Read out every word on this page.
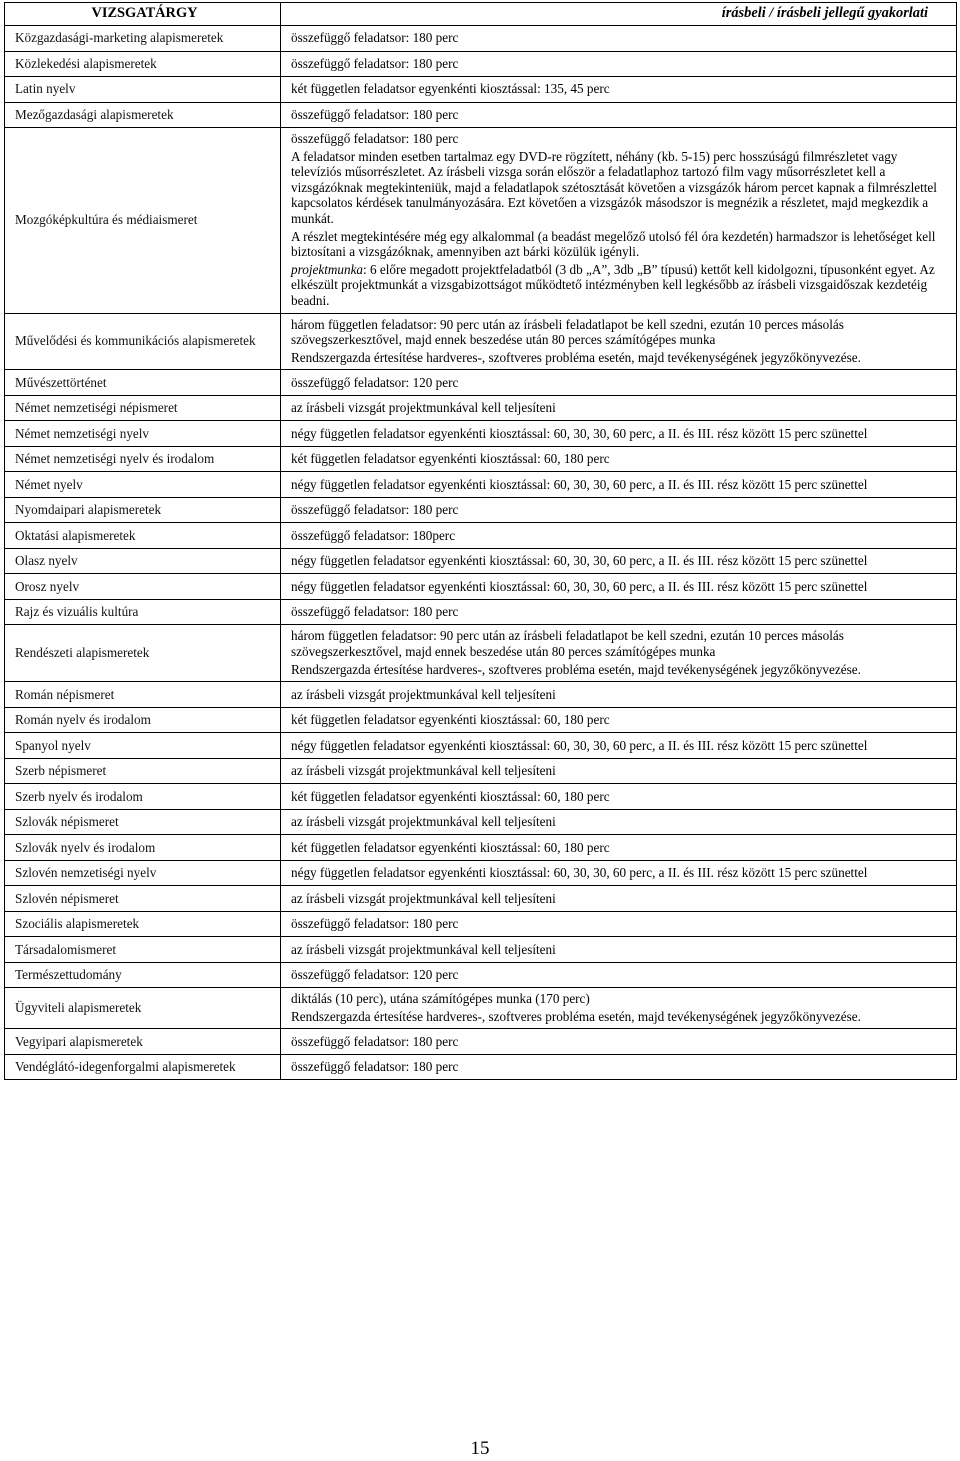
VIZSGATÁRGY	írásbeli / írásbeli jellegű gyakorlati
Közgazdasági-marketing alapismeretek	összefüggő feladatsor: 180 perc

Közlekedési alapismeretek	összefüggő feladatsor: 180 perc

Latin nyelv	két független feladatsor egyenkénti kiosztással: 135, 45 perc

Mezőgazdasági alapismeretek	összefüggő feladatsor: 180 perc

Mozgóképkultúra és médiaismeret	összefüggő feladatsor: 180 perc
A feladatsor minden esetben tartalmaz egy DVD-re rögzített, néhány (kb. 5-15) perc hosszúságú filmrészletet vagy televíziós műsorrészletet. Az írásbeli vizsga során először a feladatlaphoz tartozó film vagy műsorrészletet kell a vizsgázóknak megtekinteniük, majd a feladatlapok szétosztását követően a vizsgázók három percet kapnak a filmrészlettel kapcsolatos kérdések tanulmányozására. Ezt követően a vizsgázók másodszor is megnézik a részletet, majd megkezdik a munkát.
A részlet megtekintésére még egy alkalommal (a beadást megelőző utolsó fél óra kezdetén) harmadszor is lehetőséget kell biztosítani a vizsgázóknak, amennyiben azt bárki közülük igényli.
projektmunka: 6 előre megadott projektfeladatból (3 db „A”, 3db „B” típusú) kettőt kell kidolgozni, típusonként egyet. Az elkészült projektmunkát a vizsgabizottságot működtető intézményben kell legkésőbb az írásbeli vizsgaidőszak kezdetéig beadni.

Művelődési és kommunikációs alapismeretek	három független feladatsor: 90 perc után az írásbeli feladatlapot be kell szedni, ezután 10 perces másolás szövegszerkesztővel, majd ennek beszedése után 80 perces számítógépes munka
Rendszergazda értesítése hardveres-, szoftveres probléma esetén, majd tevékenységének jegyzőkönyvezése.

Művészettörténet	összefüggő feladatsor: 120 perc

Német nemzetiségi népismeret	az írásbeli vizsgát projektmunkával kell teljesíteni

Német nemzetiségi nyelv	négy független feladatsor egyenkénti kiosztással: 60, 30, 30, 60 perc, a II. és III. rész között 15 perc szünettel

Német nemzetiségi nyelv és irodalom	két független feladatsor egyenkénti kiosztással: 60, 180 perc

Német nyelv	négy független feladatsor egyenkénti kiosztással: 60, 30, 30, 60 perc, a II. és III. rész között 15 perc szünettel

Nyomdaipari alapismeretek	összefüggő feladatsor: 180 perc

Oktatási alapismeretek	összefüggő feladatsor: 180perc

Olasz nyelv	négy független feladatsor egyenkénti kiosztással: 60, 30, 30, 60 perc, a II. és III. rész között 15 perc szünettel

Orosz nyelv	négy független feladatsor egyenkénti kiosztással: 60, 30, 30, 60 perc, a II. és III. rész között 15 perc szünettel

Rajz és vizuális kultúra	összefüggő feladatsor: 180 perc

Rendészeti alapismeretek	három független feladatsor: 90 perc után az írásbeli feladatlapot be kell szedni, ezután 10 perces másolás szövegszerkesztővel, majd ennek beszedése után 80 perces számítógépes munka
Rendszergazda értesítése hardveres-, szoftveres probléma esetén, majd tevékenységének jegyzőkönyvezése.

Román népismeret	az írásbeli vizsgát projektmunkával kell teljesíteni

Román nyelv és irodalom	két független feladatsor egyenkénti kiosztással: 60, 180 perc

Spanyol nyelv	négy független feladatsor egyenkénti kiosztással: 60, 30, 30, 60 perc, a II. és III. rész között 15 perc szünettel

Szerb népismeret	az írásbeli vizsgát projektmunkával kell teljesíteni

Szerb nyelv és irodalom	két független feladatsor egyenkénti kiosztással: 60, 180 perc

Szlovák népismeret	az írásbeli vizsgát projektmunkával kell teljesíteni

Szlovák nyelv és irodalom	két független feladatsor egyenkénti kiosztással: 60, 180 perc

Szlovén nemzetiségi nyelv	négy független feladatsor egyenkénti kiosztással: 60, 30, 30, 60 perc, a II. és III. rész között 15 perc szünettel

Szlovén népismeret	az írásbeli vizsgát projektmunkával kell teljesíteni

Szociális alapismeretek	összefüggő feladatsor: 180 perc

Társadalomismeret	az írásbeli vizsgát projektmunkával kell teljesíteni

Természettudomány	összefüggő feladatsor: 120 perc

Ügyviteli alapismeretek	diktálás (10 perc), utána számítógépes munka (170 perc)
Rendszergazda értesítése hardveres-, szoftveres probléma esetén, majd tevékenységének jegyzőkönyvezése.

Vegyipari alapismeretek	összefüggő feladatsor: 180 perc

Vendéglátó-idegenforgalmi alapismeretek	összefüggő feladatsor: 180 perc
15
